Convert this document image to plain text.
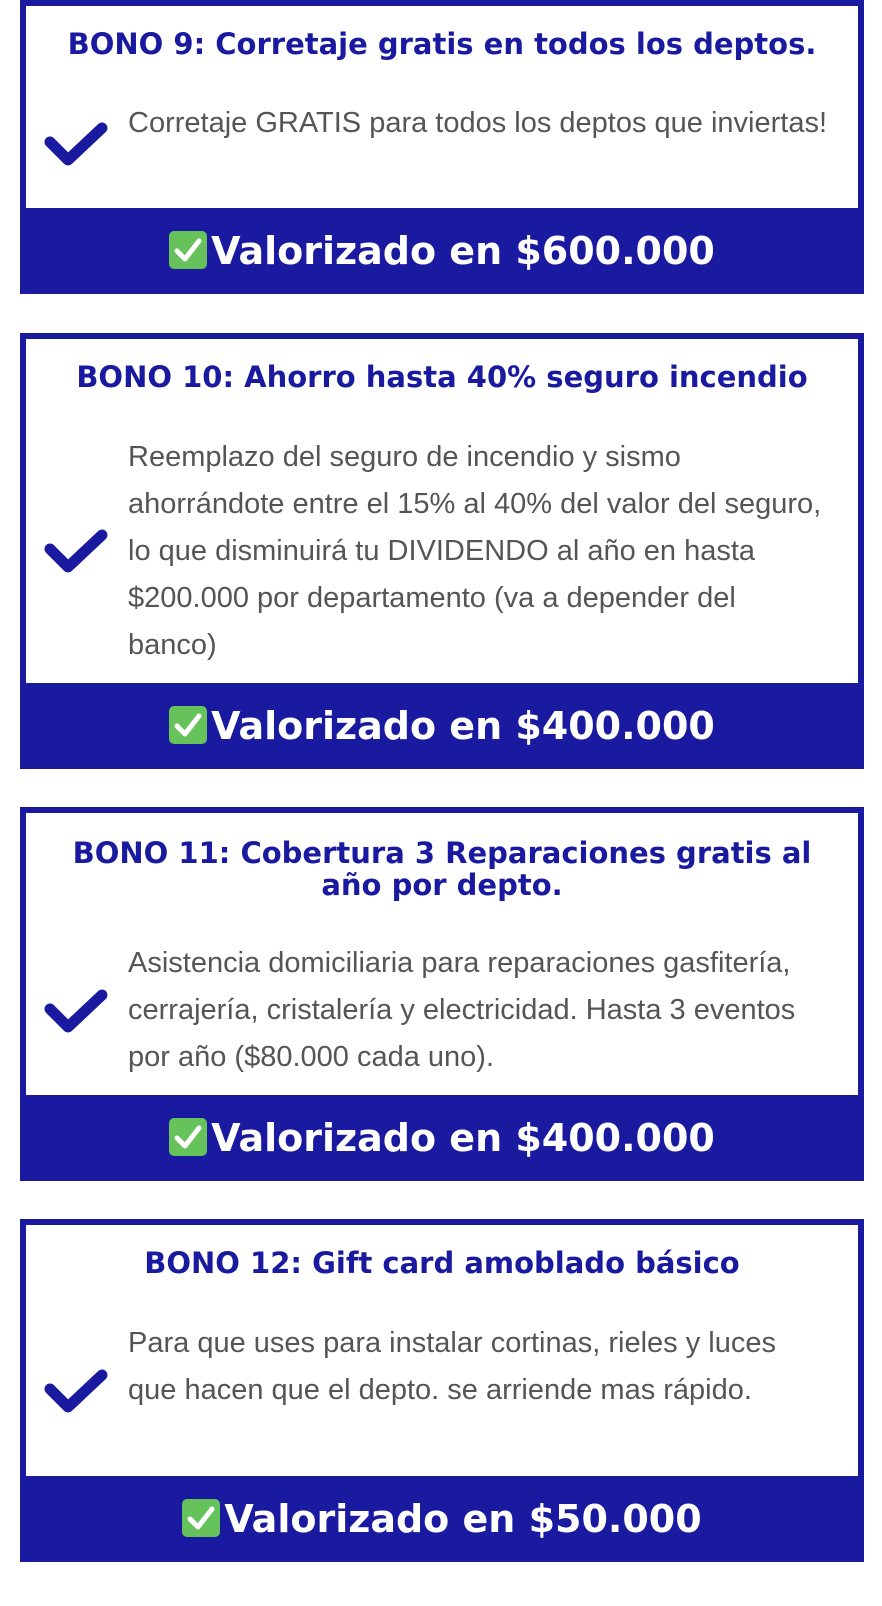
BONO 9: Corretaje gratis en todos los deptos.
Corretaje GRATIS para todos los deptos que inviertas!
Valorizado en $600.000
BONO 10: Ahorro hasta 40% seguro incendio
Reemplazo del seguro de incendio y sismo ahorrándote entre el 15% al 40% del valor del seguro, lo que disminuirá tu DIVIDENDO al año en hasta $200.000 por departamento (va a depender del banco)
Valorizado en $400.000
BONO 11: Cobertura 3 Reparaciones gratis al año por depto.
Asistencia domiciliaria para reparaciones gasfitería, cerrajería, cristalería y electricidad. Hasta 3 eventos por año ($80.000 cada uno).
Valorizado en $400.000
BONO 12: Gift card amoblado básico
Para que uses para instalar cortinas, rieles y luces que hacen que el depto. se arriende mas rápido.
Valorizado en $50.000
